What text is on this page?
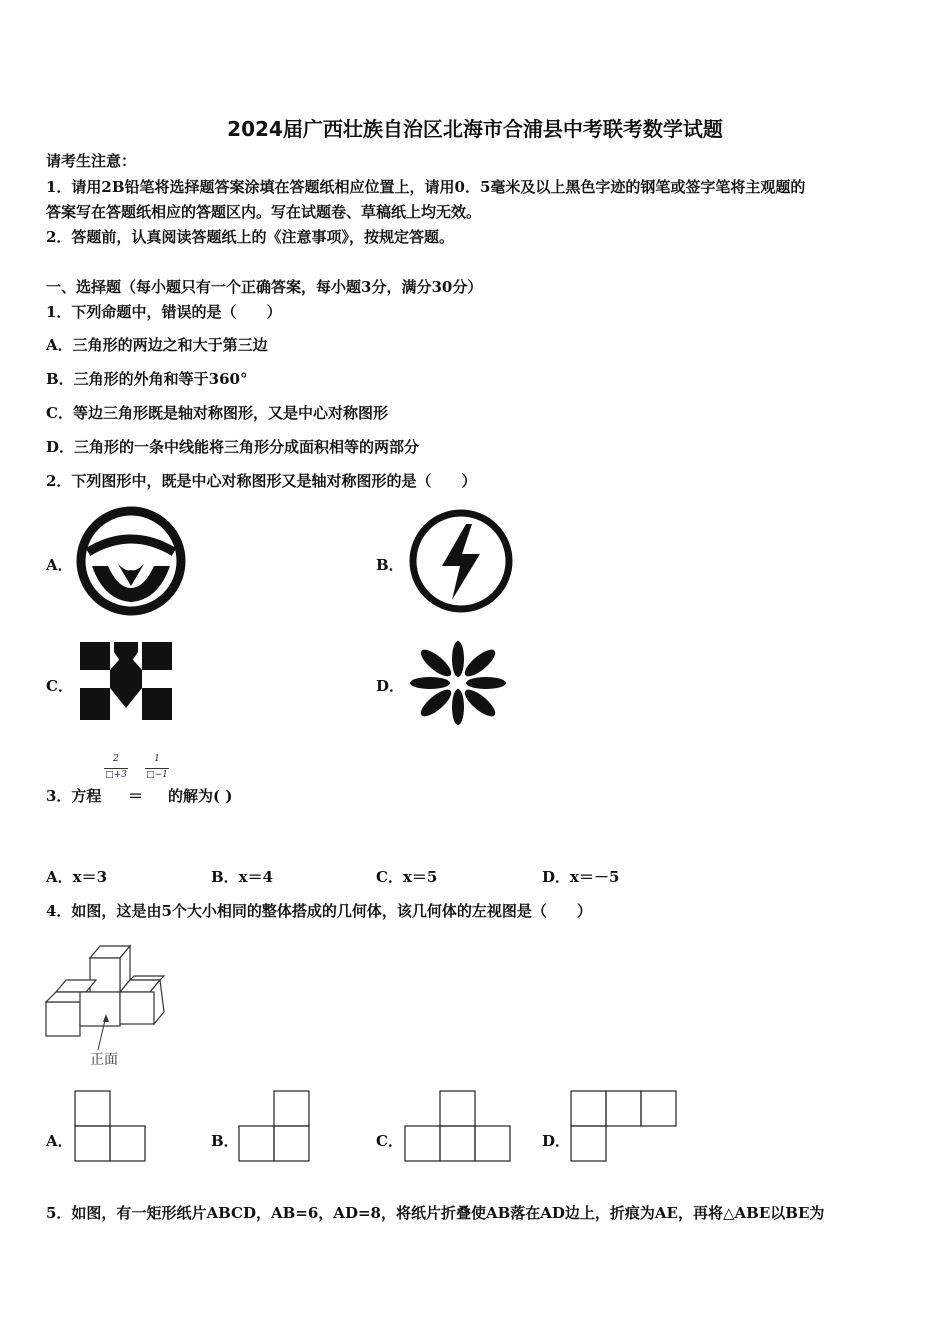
2024届广西壮族自治区北海市合浦县中考联考数学试题
请考生注意：
1．请用2B铅笔将选择题答案涂填在答题纸相应位置上，请用0．5毫米及以上黑色字迹的钢笔或签字笔将主观题的
答案写在答题纸相应的答题区内。写在试题卷、草稿纸上均无效。
2．答题前，认真阅读答题纸上的《注意事项》，按规定答题。
一、选择题（每小题只有一个正确答案，每小题3分，满分30分）
1．下列命题中，错误的是（　　）
A．三角形的两边之和大于第三边
B．三角形的外角和等于360°
C．等边三角形既是轴对称图形，又是中心对称图形
D．三角形的一条中线能将三角形分成面积相等的两部分
2．下列图形中，既是中心对称图形又是轴对称图形的是（　　）
A．	B．
C．	D．
2
□+3
1
□−1
3．方程 ＝ 的解为( )
A．x＝3	B．x＝4	C．x＝5	D．x＝－5
4．如图，这是由5个大小相同的整体搭成的几何体，该几何体的左视图是（　　）
正面
A．	B．	C．	D．
5．如图，有一矩形纸片ABCD，AB=6，AD=8，将纸片折叠使AB落在AD边上，折痕为AE，再将△ABE以BE为
